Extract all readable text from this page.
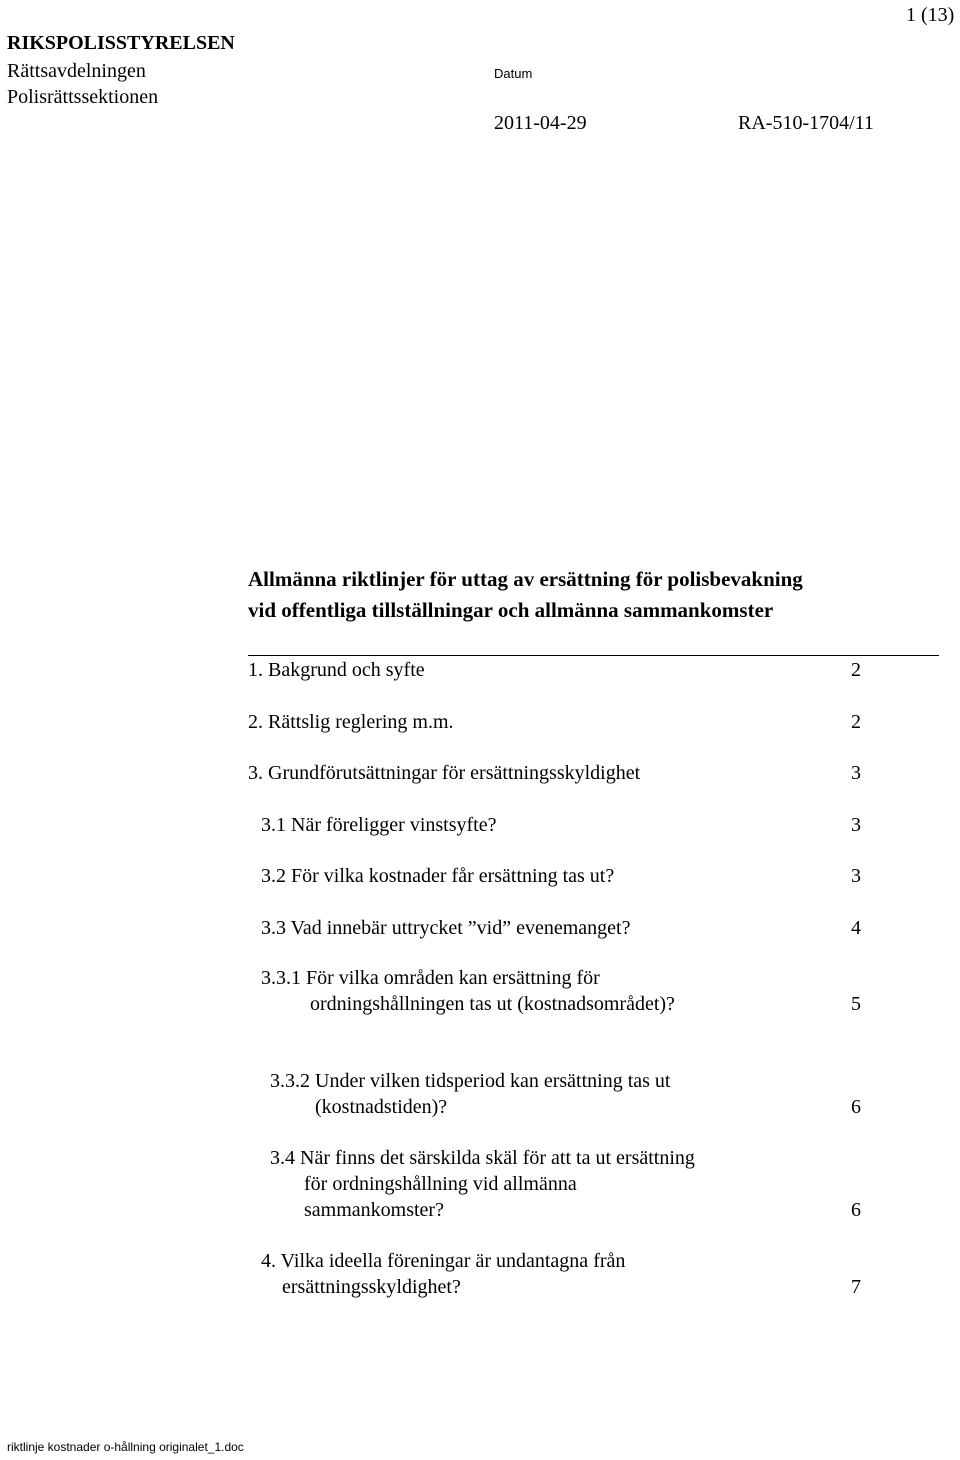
1 (13)
RIKSPOLISSTYRELSEN
Rättsavdelningen
Polisrättssektionen
Datum
2011-04-29	RA-510-1704/11
Allmänna riktlinjer för uttag av ersättning för polisbevakning
vid offentliga tillställningar och allmänna sammankomster
1. Bakgrund och syfte	2
2. Rättslig reglering m.m.	2
3. Grundförutsättningar för ersättningsskyldighet	3
3.1 När föreligger vinstsyfte?	3
3.2 För vilka kostnader får ersättning tas ut?	3
3.3 Vad innebär uttrycket ”vid” evenemanget?	4
3.3.1 För vilka områden kan ersättning för
ordningshållningen tas ut (kostnadsområdet)?	5
3.3.2 Under vilken tidsperiod kan ersättning tas ut
(kostnadstiden)?	6
3.4 När finns det särskilda skäl för att ta ut ersättning
för ordningshållning vid allmänna
sammankomster?	6
4. Vilka ideella föreningar är undantagna från
ersättningsskyldighet?	7
riktlinje kostnader o-hållning originalet_1.doc
